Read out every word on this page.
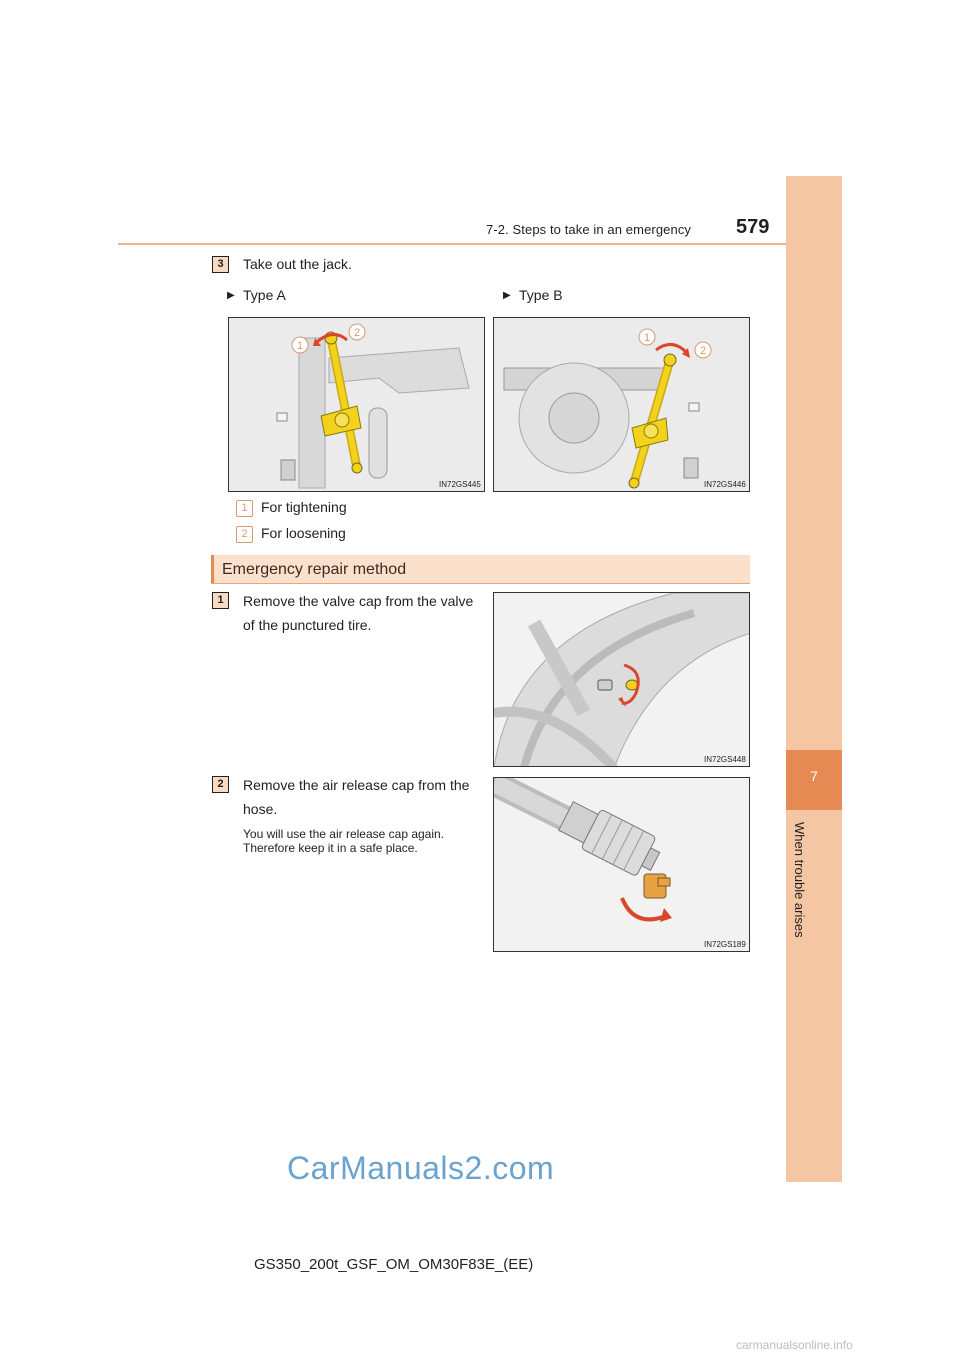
7-2. Steps to take in an emergency 579
7
When trouble arises
3	Take out the jack.
▶ Type A	▶ Type B
1
2
IN72GS445
1
2
IN72GS446
1 For tightening
2 For loosening
Emergency repair method
1	Remove the valve cap from the valve
of the punctured tire.
IN72GS448
2	Remove the air release cap from the
hose.
You will use the air release cap again.
Therefore keep it in a safe place.
IN72GS189
CarManuals2.com
GS350_200t_GSF_OM_OM30F83E_(EE)
carmanualsonline.info
